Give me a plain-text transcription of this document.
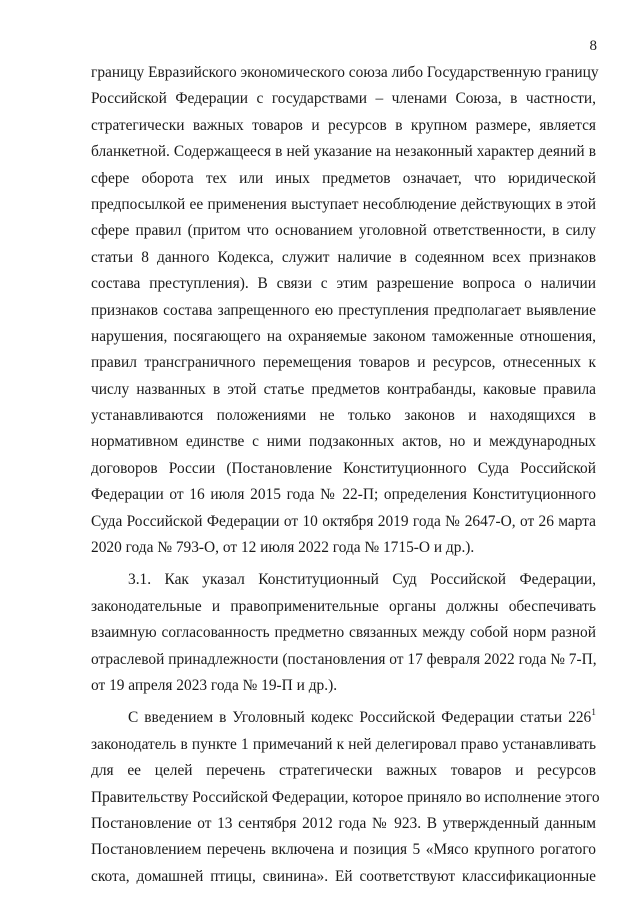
8
границу Евразийского экономического союза либо Государственную границу
Российской Федерации с государствами – членами Союза, в частности,
стратегически важных товаров и ресурсов в крупном размере, является
бланкетной. Содержащееся в ней указание на незаконный характер деяний в
сфере оборота тех или иных предметов означает, что юридической
предпосылкой ее применения выступает несоблюдение действующих в этой
сфере правил (притом что основанием уголовной ответственности, в силу
статьи 8 данного Кодекса, служит наличие в содеянном всех признаков
состава преступления). В связи с этим разрешение вопроса о наличии
признаков состава запрещенного ею преступления предполагает выявление
нарушения, посягающего на охраняемые законом таможенные отношения,
правил трансграничного перемещения товаров и ресурсов, отнесенных к
числу названных в этой статье предметов контрабанды, каковые правила
устанавливаются положениями не только законов и находящихся в
нормативном единстве с ними подзаконных актов, но и международных
договоров России (Постановление Конституционного Суда Российской
Федерации от 16 июля 2015 года № 22-П; определения Конституционного
Суда Российской Федерации от 10 октября 2019 года № 2647-О, от 26 марта
2020 года № 793-О, от 12 июля 2022 года № 1715-О и др.).
3.1. Как указал Конституционный Суд Российской Федерации,
законодательные и правоприменительные органы должны обеспечивать
взаимную согласованность предметно связанных между собой норм разной
отраслевой принадлежности (постановления от 17 февраля 2022 года № 7-П,
от 19 апреля 2023 года № 19-П и др.).
С введением в Уголовный кодекс Российской Федерации статьи $226^1$
законодатель в пункте 1 примечаний к ней делегировал право устанавливать
для ее целей перечень стратегически важных товаров и ресурсов
Правительству Российской Федерации, которое приняло во исполнение этого
Постановление от 13 сентября 2012 года № 923. В утвержденный данным
Постановлением перечень включена и позиция 5 «Мясо крупного рогатого
скота, домашней птицы, свинина». Ей соответствуют классификационные
